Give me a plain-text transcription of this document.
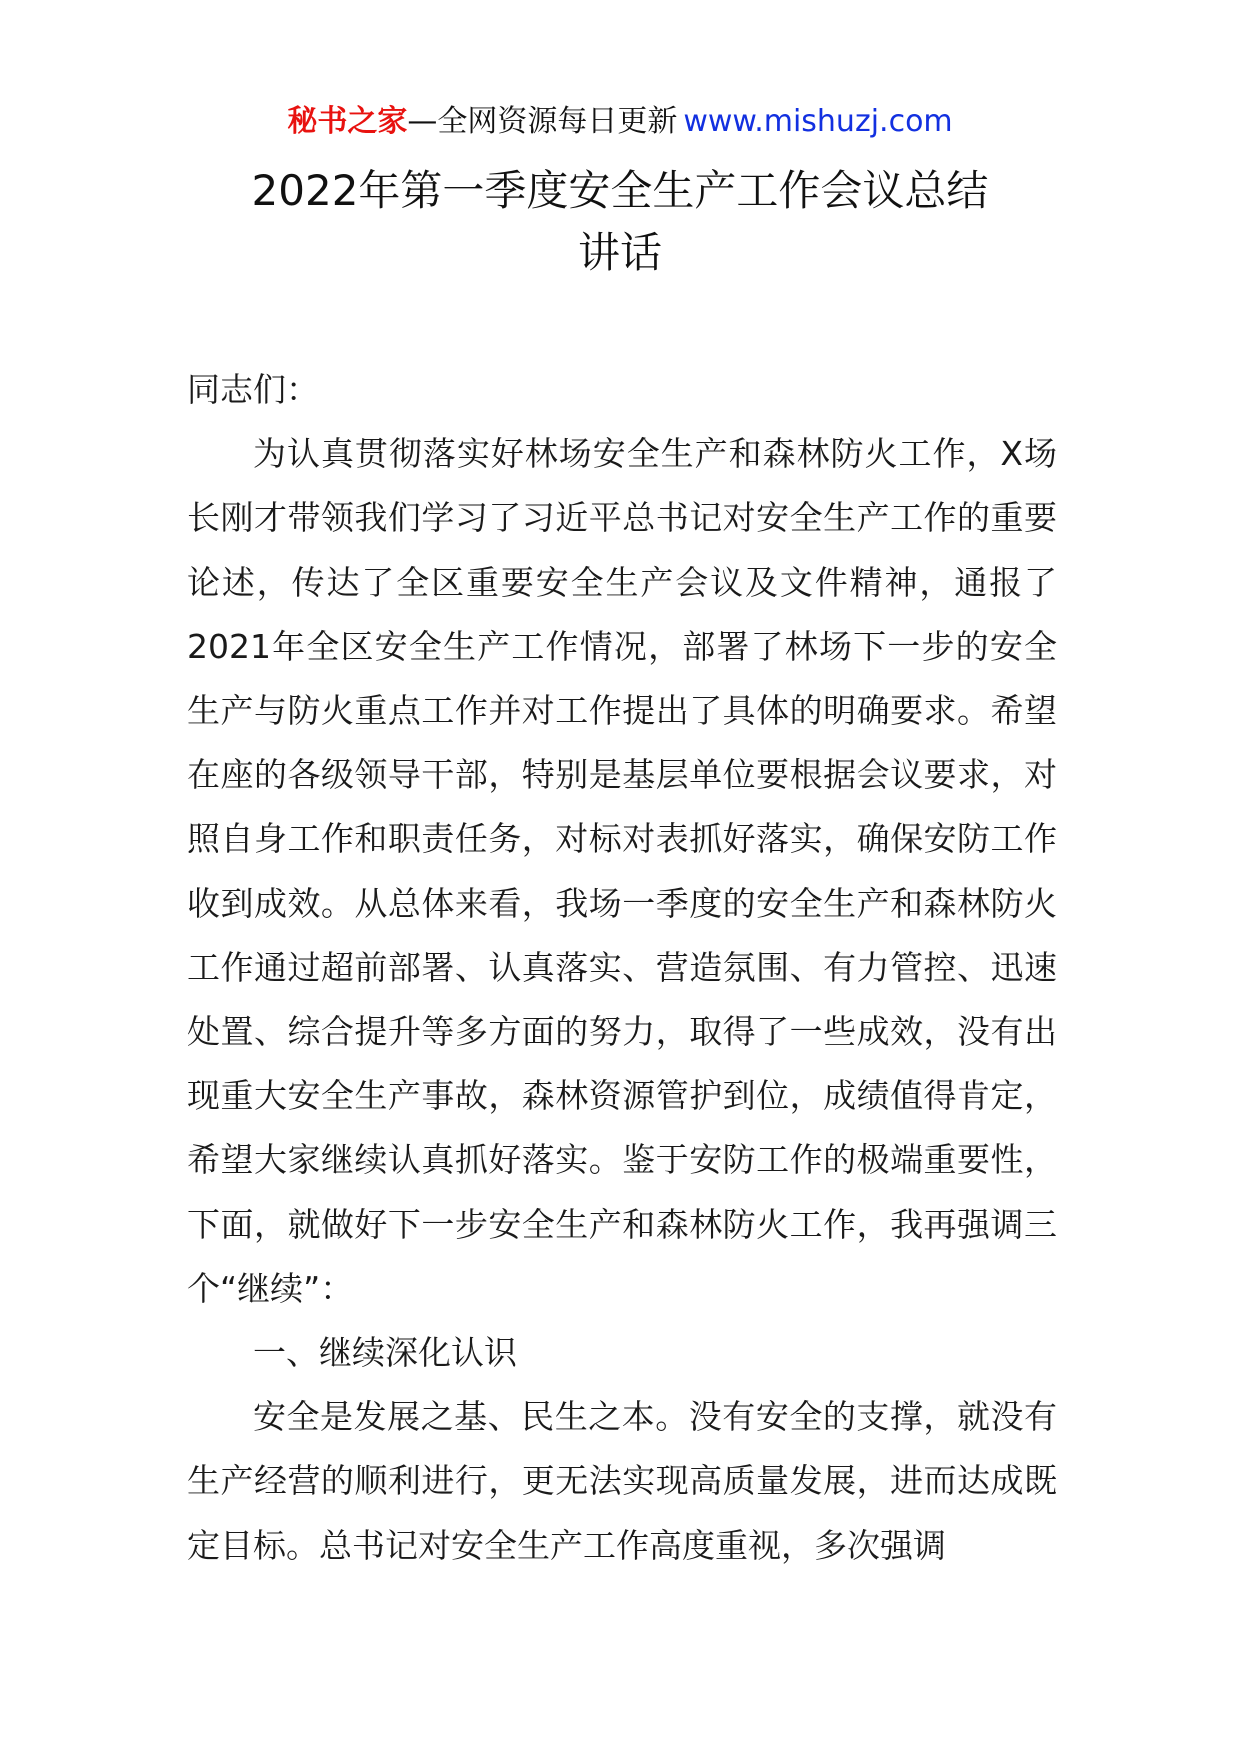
秘书之家—全网资源每日更新 www.mishuzj.com
2022年第一季度安全生产工作会议总结
讲话

同志们：

为认真贯彻落实好林场安全生产和森林防火工作，X场长刚才带领我们学习了习近平总书记对安全生产工作的重要论述，传达了全区重要安全生产会议及文件精神，通报了2021年全区安全生产工作情况，部署了林场下一步的安全生产与防火重点工作并对工作提出了具体的明确要求。希望在座的各级领导干部，特别是基层单位要根据会议要求，对照自身工作和职责任务，对标对表抓好落实，确保安防工作收到成效。从总体来看，我场一季度的安全生产和森林防火工作通过超前部署、认真落实、营造氛围、有力管控、迅速处置、综合提升等多方面的努力，取得了一些成效，没有出现重大安全生产事故，森林资源管护到位，成绩值得肯定，希望大家继续认真抓好落实。鉴于安防工作的极端重要性，下面，就做好下一步安全生产和森林防火工作，我再强调三个“继续”：

一、继续深化认识

安全是发展之基、民生之本。没有安全的支撑，就没有生产经营的顺利进行，更无法实现高质量发展，进而达成既定目标。总书记对安全生产工作高度重视，多次强调
